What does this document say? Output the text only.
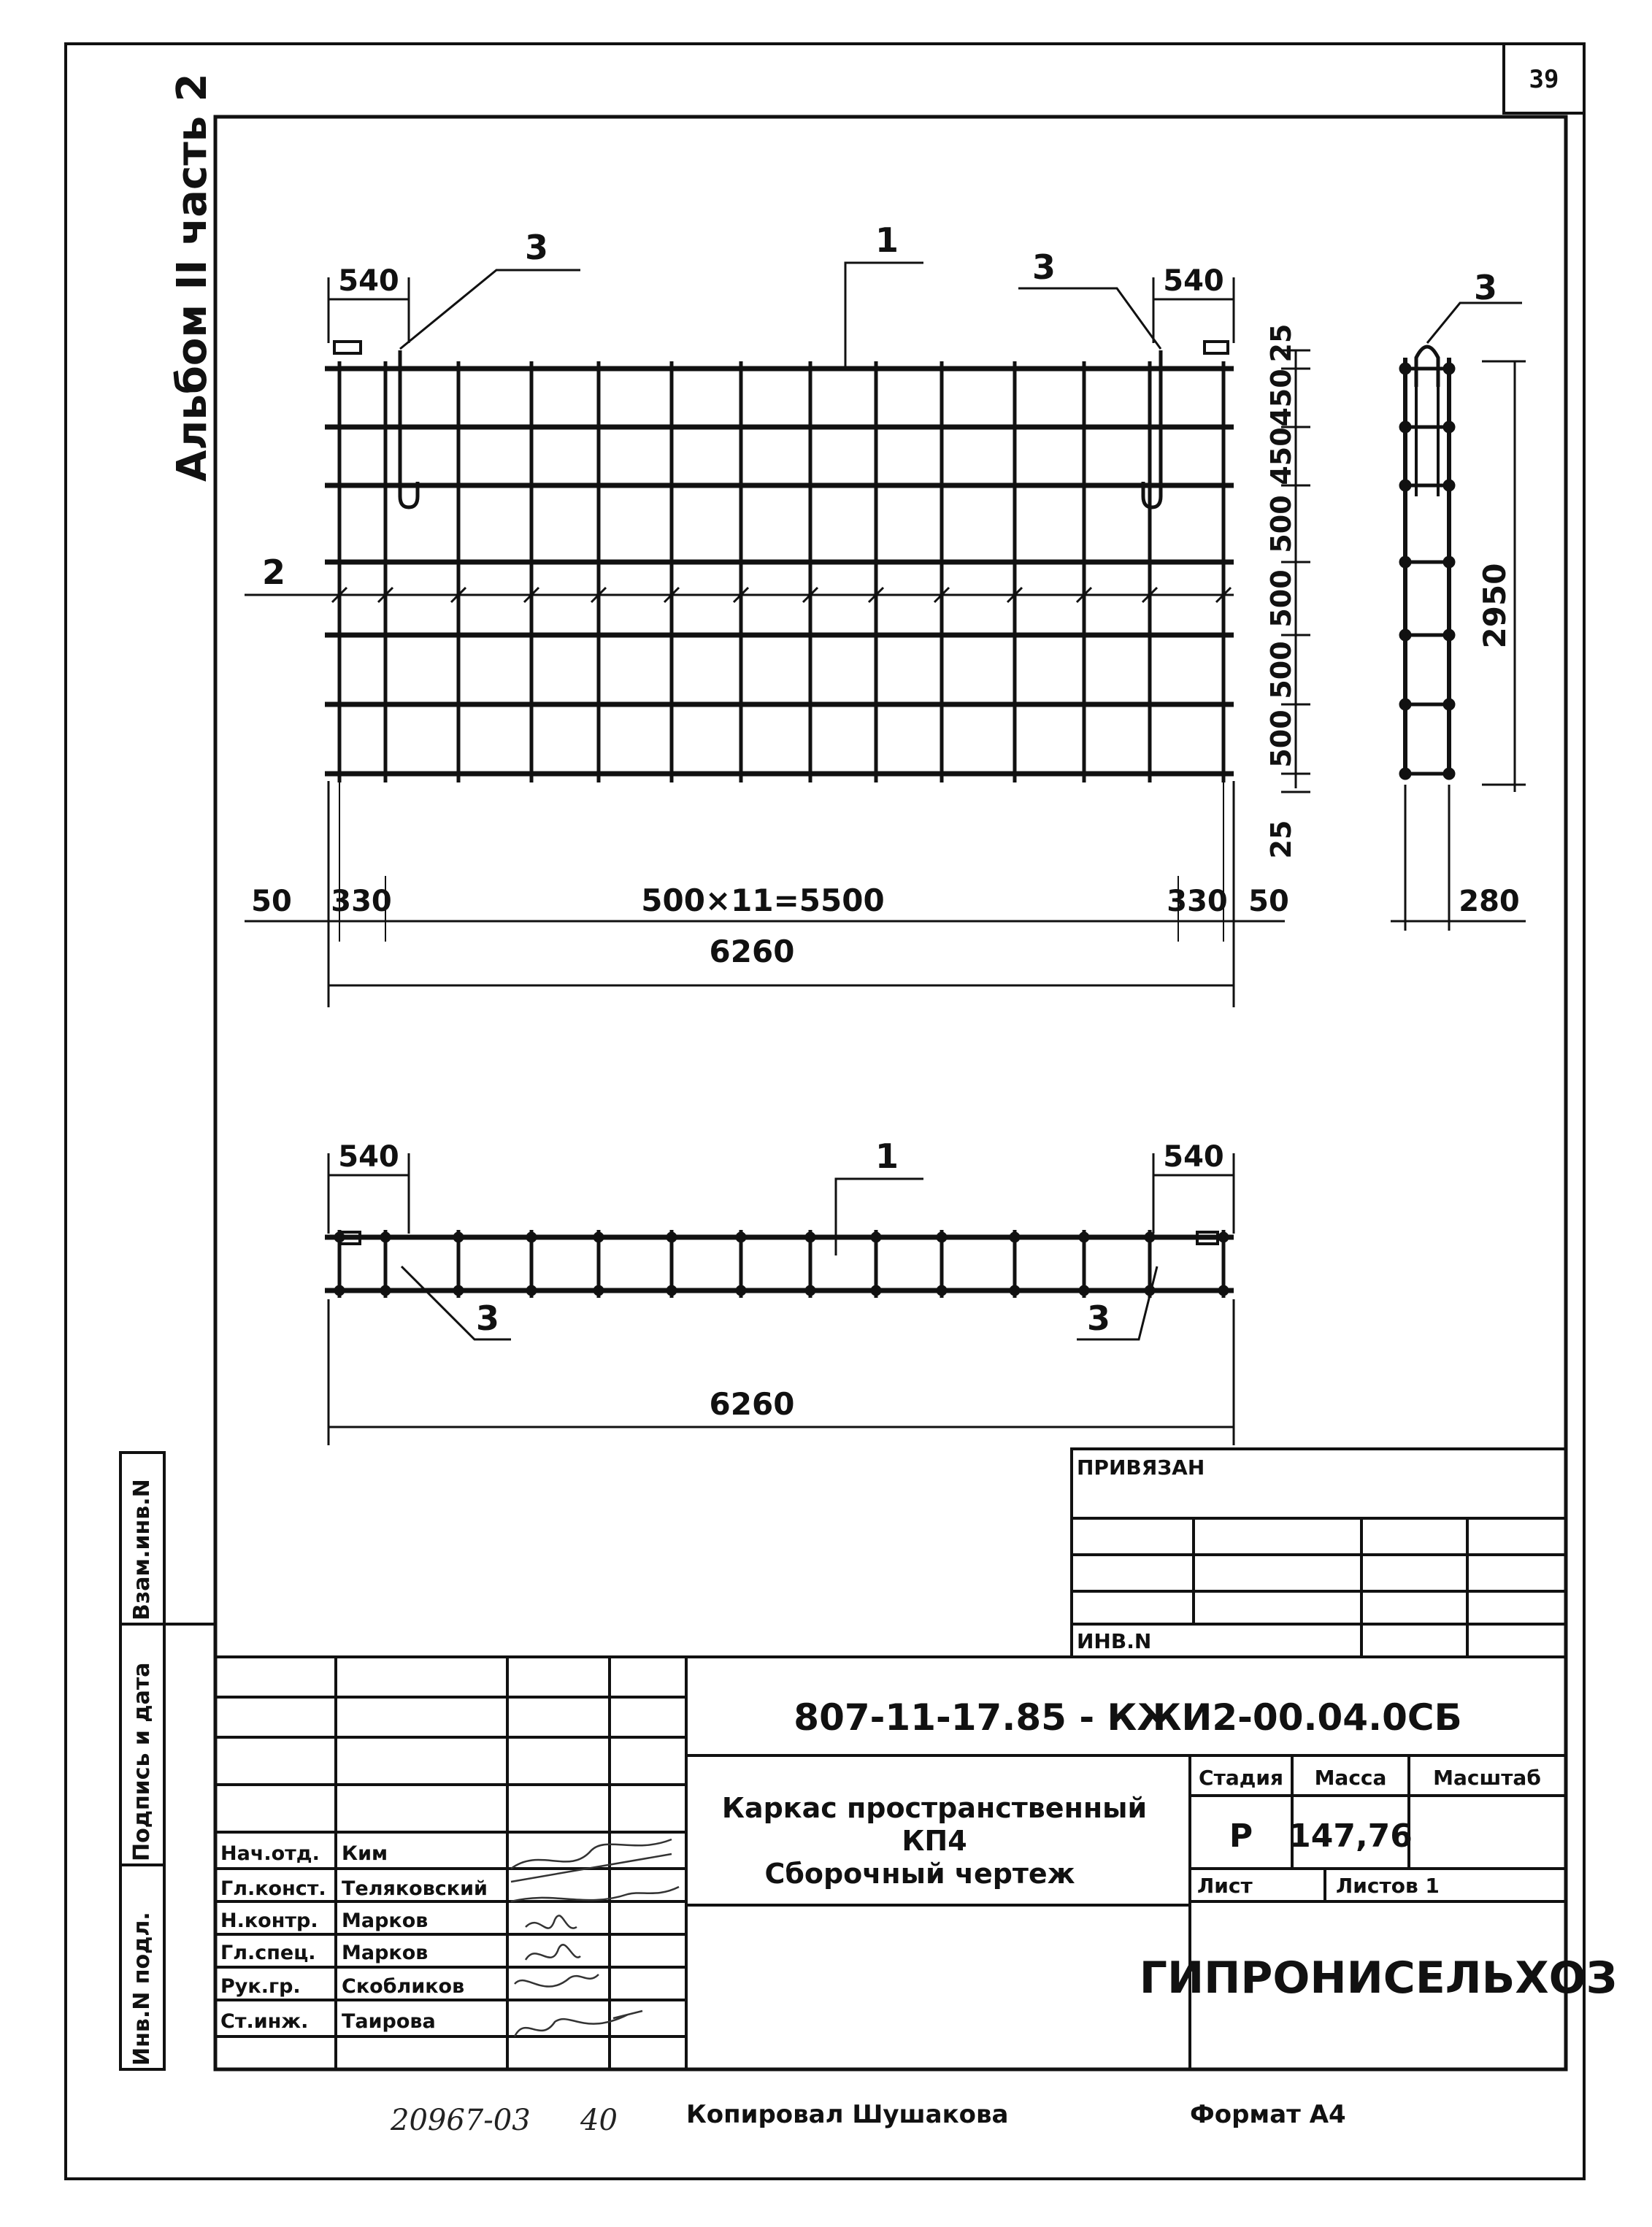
39
Альбом II часть 2	540	540
3	3
1
2
50 330	500×11=5500	330 50
6260
25
450
450
500
500
500
500
25
3
2950
280
540	540
1
3	3
6260
ПРИВЯЗАН
ИНВ.N
Инв.N подл.
Подпись и дата
Взам.инв.N
807-11-17.85 - КЖИ2-00.04.0СБ
Каркас пространственный
КП4
Сборочный чертеж
Стадия Масса Масштаб
Р 147,76
Лист	Листов 1
ГИПРОНИСЕЛЬХОЗ
Нач.отд. Ким
Гл.конст. Теляковский
Н.контр. Марков
Гл.спец. Марков
Рук.гр. Скобликов
Ст.инж. Таирова
20967-03 40	Копировал Шушакова	Формат А4
